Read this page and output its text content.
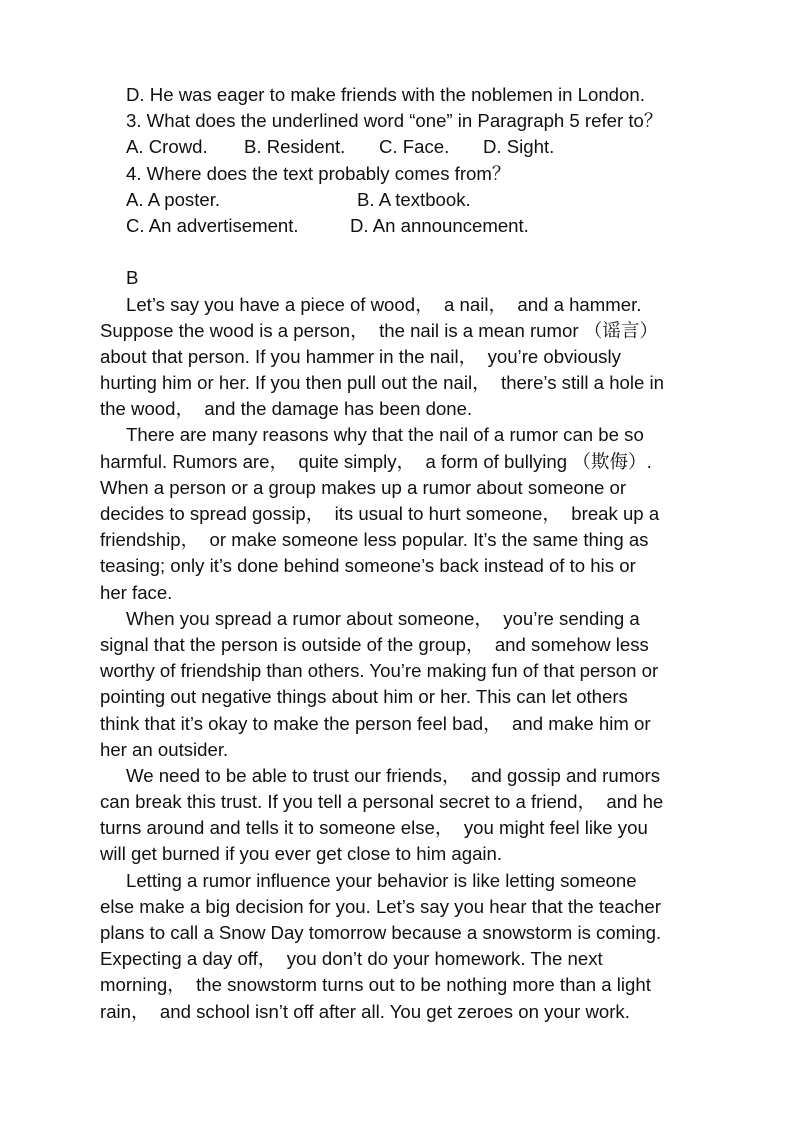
D. He was eager to make friends with the noblemen in London.

3. What does the underlined word “one” in Paragraph 5 refer to？

A. Crowd.	B. Resident.	C. Face.	D. Sight.

4. Where does the text probably comes from？

A. A poster.	B. A textbook.
C. An advertisement.	D. An announcement.

B

Let’s say you have a piece of wood，  a nail，  and a hammer.

Suppose the wood is a person，  the nail is a mean rumor （谣言）

about that person. If you hammer in the nail，  you’re obviously

hurting him or her. If you then pull out the nail，  there’s still a hole in

the wood，  and the damage has been done.

There are many reasons why that the nail of a rumor can be so

harmful. Rumors are，  quite simply，  a form of bullying （欺侮）.

When a person or a group makes up a rumor about someone or

decides to spread gossip，  its usual to hurt someone，  break up a

friendship，  or make someone less popular. It’s the same thing as

teasing; only it’s done behind someone’s back instead of to his or

her face.

When you spread a rumor about someone，  you’re sending a

signal that the person is outside of the group，  and somehow less

worthy of friendship than others. You’re making fun of that person or

pointing out negative things about him or her. This can let others

think that it’s okay to make the person feel bad，  and make him or

her an outsider.

We need to be able to trust our friends，  and gossip and rumors

can break this trust. If you tell a personal secret to a friend，  and he

turns around and tells it to someone else，  you might feel like you

will get burned if you ever get close to him again.

Letting a rumor influence your behavior is like letting someone

else make a big decision for you. Let’s say you hear that the teacher

plans to call a Snow Day tomorrow because a snowstorm is coming.

Expecting a day off，  you don’t do your homework. The next

morning，  the snowstorm turns out to be nothing more than a light

rain，  and school isn’t off after all. You get zeroes on your work.
